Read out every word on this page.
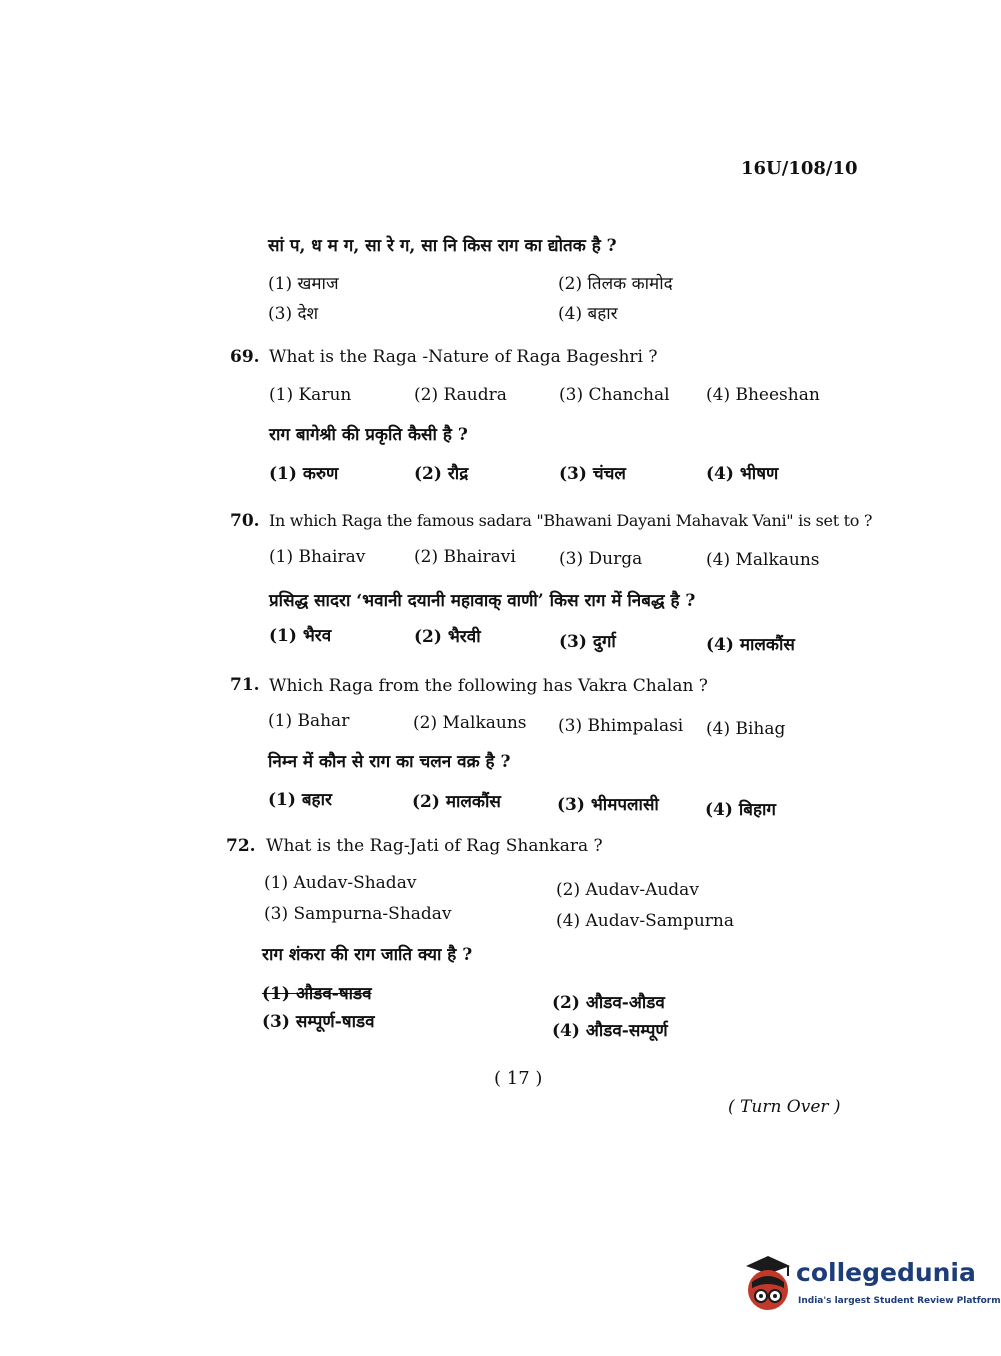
16U/108/10
सां प, ध म ग, सा रे ग, सा नि किस राग का द्योतक है ?
(1) खमाज	(2) तिलक कामोद
(3) देश	(4) बहार
69. What is the Raga -Nature of Raga Bageshri ?
(1) Karun	(2) Raudra	(3) Chanchal (4) Bheeshan
राग बागेश्री की प्रकृति कैसी है ?
(1) करुण	(2) रौद्र	(3) चंचल	(4) भीषण
70. In which Raga the famous sadara "Bhawani Dayani Mahavak Vani" is set to ?
(1) Bhairav	(2) Bhairavi	(3) Durga	(4) Malkauns
प्रसिद्ध सादरा ‘भवानी दयानी महावाक् वाणी’ किस राग में निबद्ध है ?
(1) भैरव	(2) भैरवी	(3) दुर्गा	(4) मालकौंस
71. Which Raga from the following has Vakra Chalan ?
(1) Bahar	(2) Malkauns (3) Bhimpalasi (4) Bihag
निम्न में कौन से राग का चलन वक्र है ?
(1) बहार	(2) मालकौंस	(3) भीमपलासी	(4) बिहाग
72. What is the Rag-Jati of Rag Shankara ?
(1) Audav-Shadav	(2) Audav-Audav
(3) Sampurna-Shadav	(4) Audav-Sampurna
राग शंकरा की राग जाति क्या है ?
(1) औडव-षाडव	(2) औडव-औडव
(3) सम्पूर्ण-षाडव	(4) औडव-सम्पूर्ण
( 17 )
( Turn Over )
collegedunia
India's largest Student Review Platform
